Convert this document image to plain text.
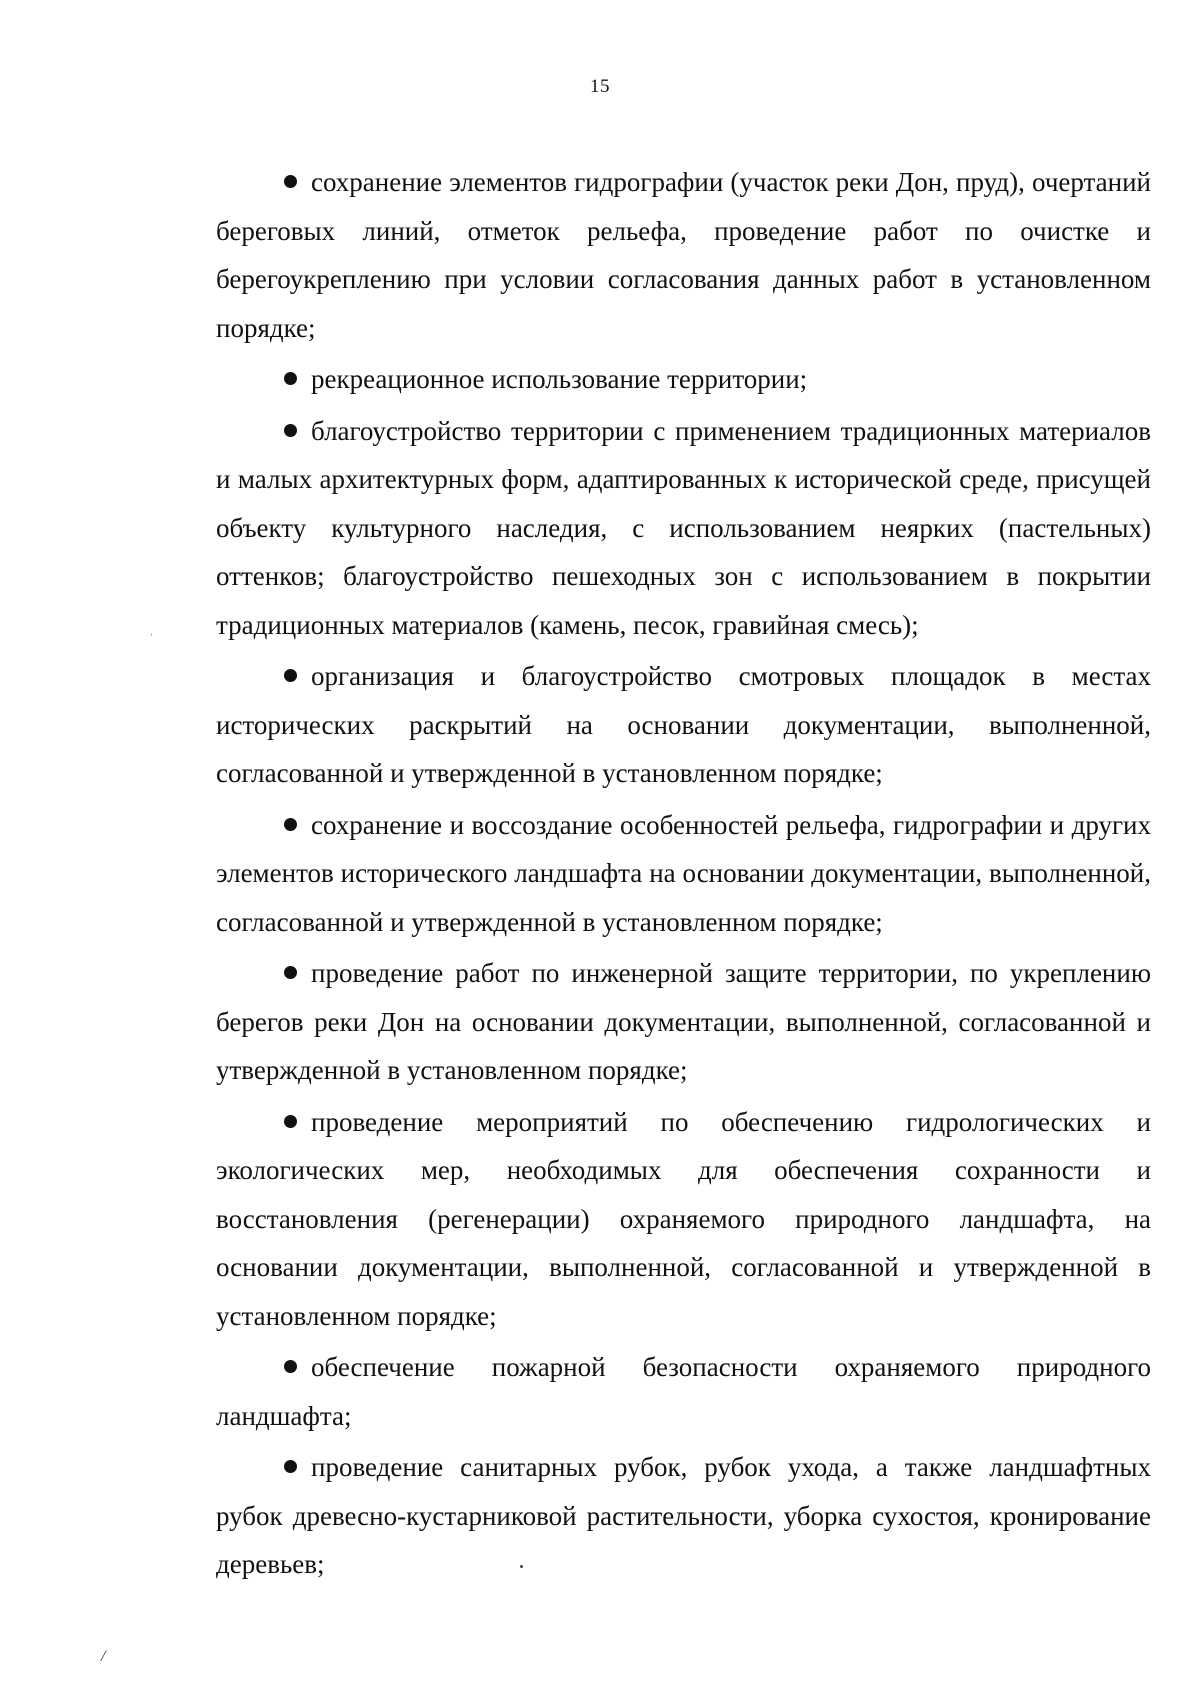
15

сохранение элементов гидрографии (участок реки Дон, пруд), очертаний береговых линий, отметок рельефа, проведение работ по очистке и берегоукреплению при условии согласования данных работ в установленном порядке;

рекреационное использование территории;

благоустройство территории с применением традиционных материалов и малых архитектурных форм, адаптированных к исторической среде, присущей объекту культурного наследия, с использованием неярких (пастельных) оттенков; благоустройство пешеходных зон с использованием в покрытии традиционных материалов (камень, песок, гравийная смесь);

организация и благоустройство смотровых площадок в местах исторических раскрытий на основании документации, выполненной, согласованной и утвержденной в установленном порядке;

сохранение и воссоздание особенностей рельефа, гидрографии и других элементов исторического ландшафта на основании документации, выполненной, согласованной и утвержденной в установленном порядке;

проведение работ по инженерной защите территории, по укреплению берегов реки Дон на основании документации, выполненной, согласованной и утвержденной в установленном порядке;

проведение мероприятий по обеспечению гидрологических и экологических мер, необходимых для обеспечения сохранности и восстановления (регенерации) охраняемого природного ландшафта, на основании документации, выполненной, согласованной и утвержденной в установленном порядке;

обеспечение пожарной безопасности охраняемого природного ландшафта;

проведение санитарных рубок, рубок ухода, а также ландшафтных рубок древесно-кустарниковой растительности, уборка сухостоя, кронирование деревьев;

ˌ
/
